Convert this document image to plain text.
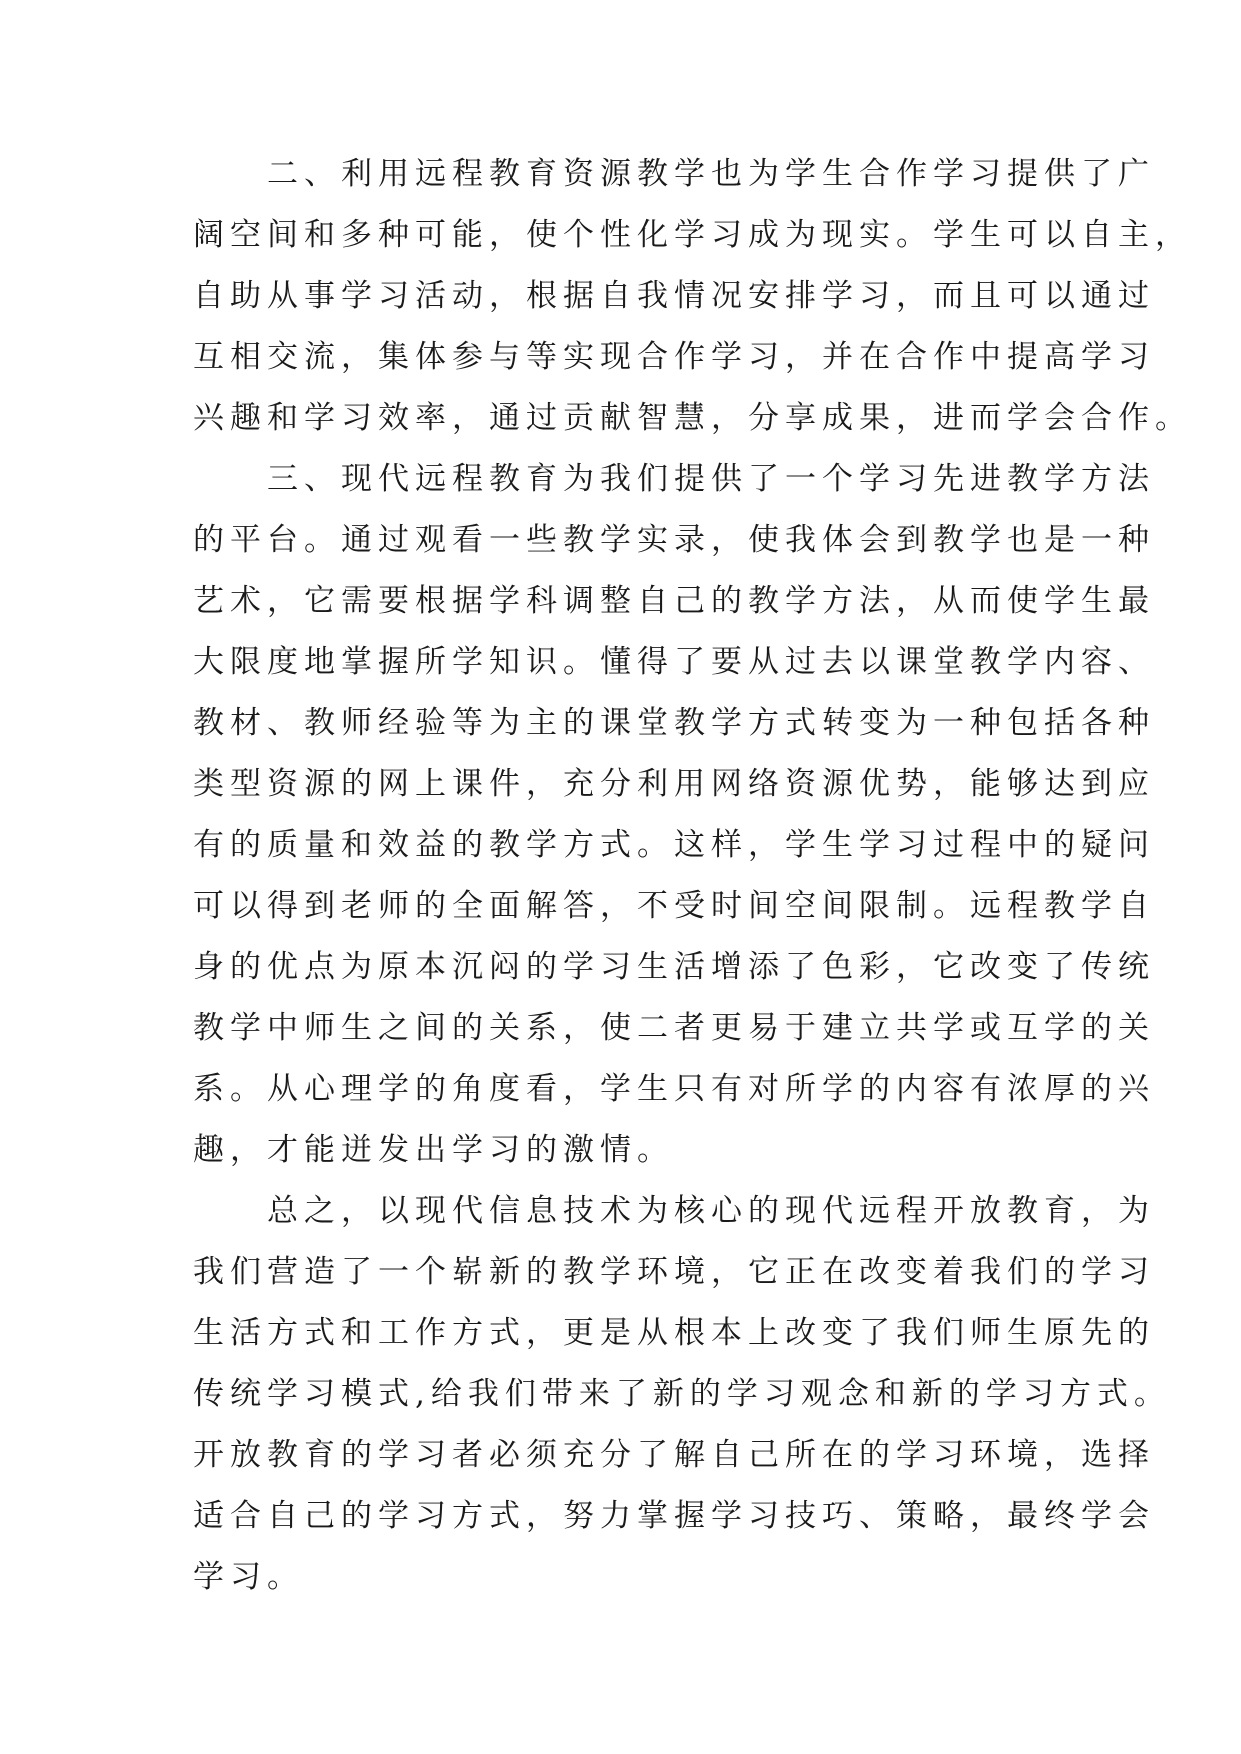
二、利用远程教育资源教学也为学生合作学习提供了广
阔空间和多种可能，使个性化学习成为现实。学生可以自主，
自助从事学习活动，根据自我情况安排学习，而且可以通过
互相交流，集体参与等实现合作学习，并在合作中提高学习
兴趣和学习效率，通过贡献智慧，分享成果，进而学会合作。
三、现代远程教育为我们提供了一个学习先进教学方法
的平台。通过观看一些教学实录，使我体会到教学也是一种
艺术，它需要根据学科调整自己的教学方法，从而使学生最
大限度地掌握所学知识。懂得了要从过去以课堂教学内容、
教材、教师经验等为主的课堂教学方式转变为一种包括各种
类型资源的网上课件，充分利用网络资源优势，能够达到应
有的质量和效益的教学方式。这样，学生学习过程中的疑问
可以得到老师的全面解答，不受时间空间限制。远程教学自
身的优点为原本沉闷的学习生活增添了色彩，它改变了传统
教学中师生之间的关系，使二者更易于建立共学或互学的关
系。从心理学的角度看，学生只有对所学的内容有浓厚的兴
趣，才能迸发出学习的激情。
总之，以现代信息技术为核心的现代远程开放教育，为
我们营造了一个崭新的教学环境，它正在改变着我们的学习
生活方式和工作方式，更是从根本上改变了我们师生原先的
传统学习模式,给我们带来了新的学习观念和新的学习方式。
开放教育的学习者必须充分了解自己所在的学习环境，选择
适合自己的学习方式，努力掌握学习技巧、策略，最终学会
学习。
